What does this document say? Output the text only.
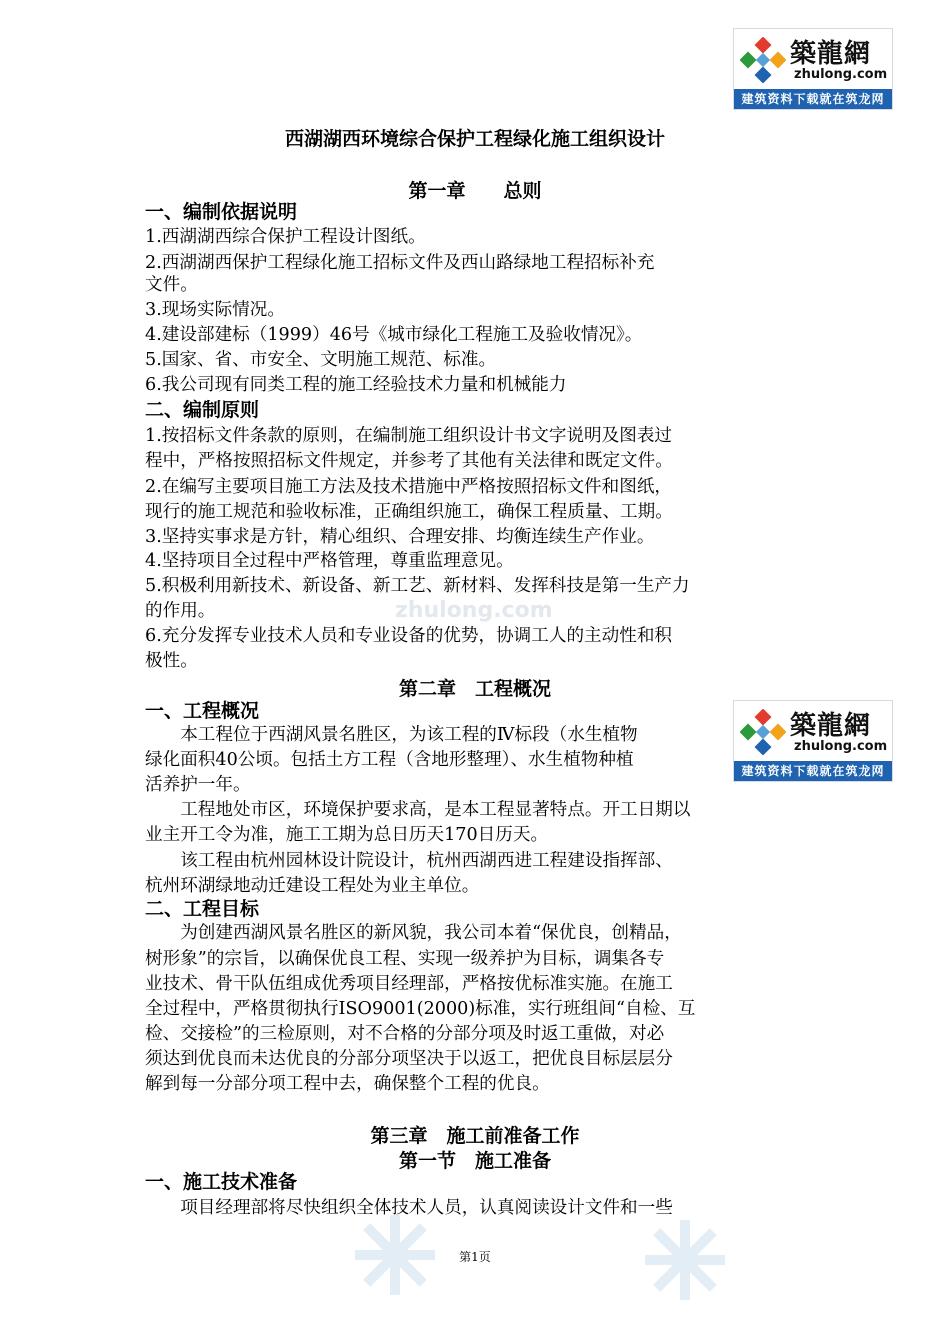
zhulong.com
築龍網
zhulong.com
建筑资料下载就在筑龙网
築龍網
zhulong.com
建筑资料下载就在筑龙网
西湖湖西环境综合保护工程绿化施工组织设计
第一章　　总则
一、编制依据说明
1.西湖湖西综合保护工程设计图纸。
2.西湖湖西保护工程绿化施工招标文件及西山路绿地工程招标补充
文件。
3.现场实际情况。
4.建设部建标（1999）46号《城市绿化工程施工及验收情况》。
5.国家、省、市安全、文明施工规范、标准。
6.我公司现有同类工程的施工经验技术力量和机械能力
二、编制原则
1.按招标文件条款的原则，在编制施工组织设计书文字说明及图表过
程中，严格按照招标文件规定，并参考了其他有关法律和既定文件。
2.在编写主要项目施工方法及技术措施中严格按照招标文件和图纸，
现行的施工规范和验收标准，正确组织施工，确保工程质量、工期。
3.坚持实事求是方针，精心组织、合理安排、均衡连续生产作业。
4.坚持项目全过程中严格管理，尊重监理意见。
5.积极利用新技术、新设备、新工艺、新材料、发挥科技是第一生产力
的作用。
6.充分发挥专业技术人员和专业设备的优势，协调工人的主动性和积
极性。
第二章　工程概况
一、工程概况
　　本工程位于西湖风景名胜区，为该工程的Ⅳ标段（水生植物
绿化面积40公顷。包括土方工程（含地形整理）、水生植物种植
活养护一年。
　　工程地处市区，环境保护要求高，是本工程显著特点。开工日期以
业主开工令为准，施工工期为总日历天170日历天。
　　该工程由杭州园林设计院设计，杭州西湖西进工程建设指挥部、
杭州环湖绿地动迁建设工程处为业主单位。
二、工程目标
　　为创建西湖风景名胜区的新风貌，我公司本着“保优良，创精品，
树形象”的宗旨，以确保优良工程、实现一级养护为目标，调集各专
业技术、骨干队伍组成优秀项目经理部，严格按优标准实施。在施工
全过程中，严格贯彻执行ISO9001(2000)标准，实行班组间“自检、互
检、交接检”的三检原则，对不合格的分部分项及时返工重做，对必
须达到优良而未达优良的分部分项坚决于以返工，把优良目标层层分
解到每一分部分项工程中去，确保整个工程的优良。
第三章　施工前准备工作
第一节　施工准备
一、施工技术准备
　　项目经理部将尽快组织全体技术人员，认真阅读设计文件和一些
第1页
